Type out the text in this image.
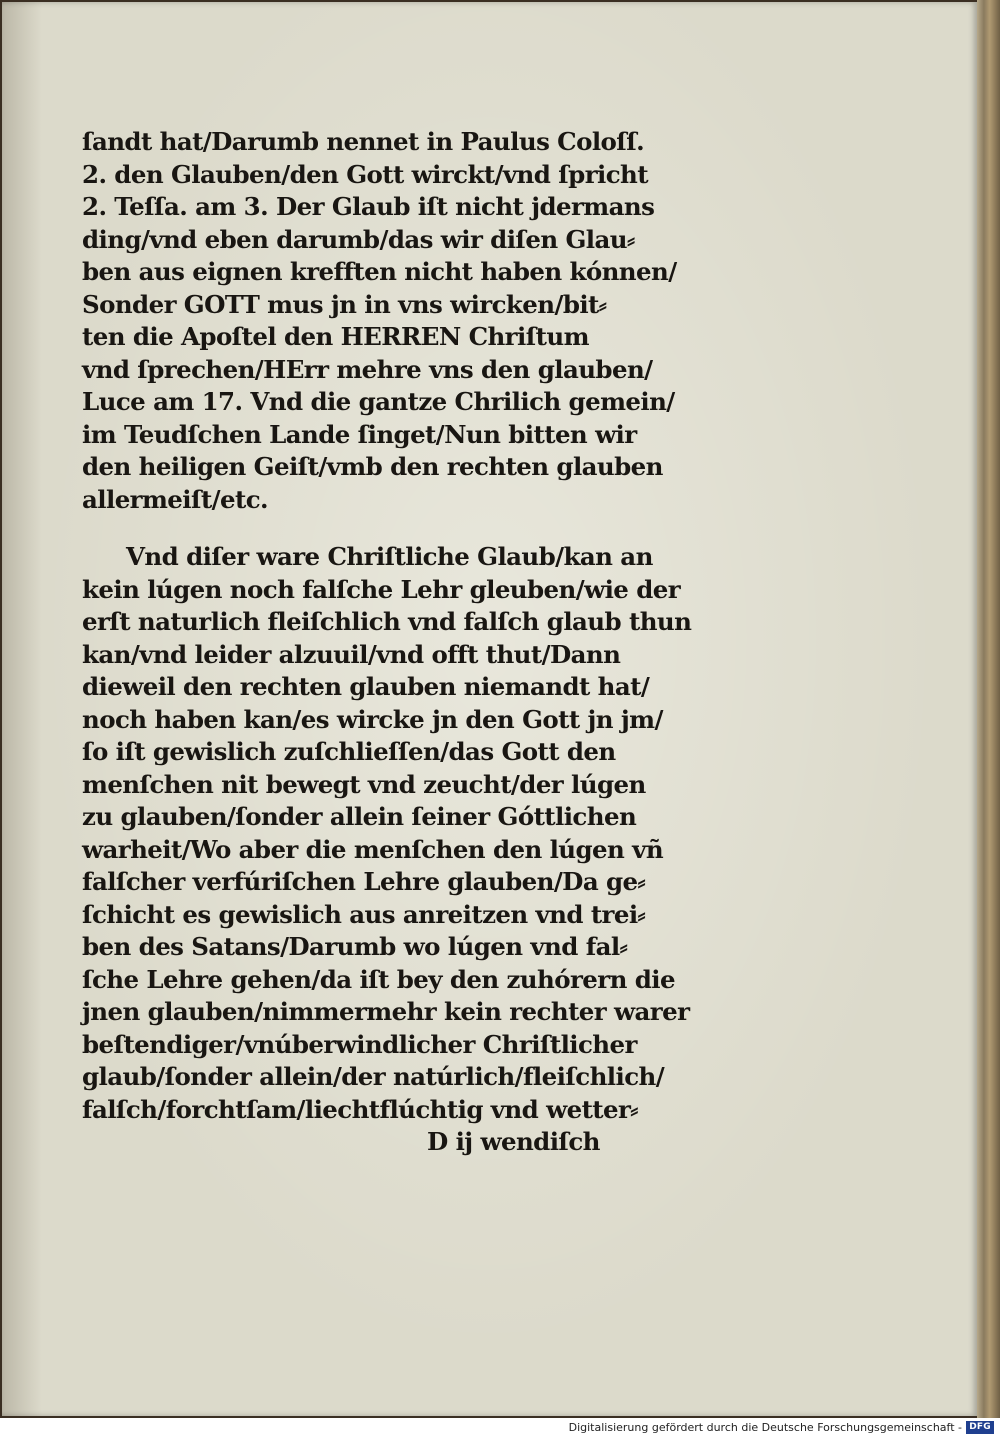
ſandt hat/Darumb nennet in Paulus Coloſſ.
2. den Glauben/den Gott wirckt/vnd ſpricht
2. Teſſa. am 3. Der Glaub iſt nicht jdermans
ding/vnd eben darumb/das wir diſen Glau⸗
ben aus eignen krefften nicht haben kónnen/
Sonder GOTT mus jn in vns wircken/bit⸗
ten die Apoſtel den HERREN Chriſtum
vnd ſprechen/HErr mehre vns den glauben/
Luce am 17. Vnd die gantze Chrilich gemein/
im Teudſchen Lande ſinget/Nun bitten wir
den heiligen Geiſt/vmb den rechten glauben
allermeiſt/etc.
Vnd diſer ware Chriſtliche Glaub/kan an
kein lúgen noch falſche Lehr gleuben/wie der
erſt naturlich fleiſchlich vnd falſch glaub thun
kan/vnd leider alzuuil/vnd offt thut/Dann
dieweil den rechten glauben niemandt hat/
noch haben kan/es wircke jn den Gott jn jm/
ſo iſt gewislich zuſchlieſſen/das Gott den
menſchen nit bewegt vnd zeucht/der lúgen
zu glauben/ſonder allein ſeiner Góttlichen
warheit/Wo aber die menſchen den lúgen vñ
falſcher verfúriſchen Lehre glauben/Da ge⸗
ſchicht es gewislich aus anreitzen vnd trei⸗
ben des Satans/Darumb wo lúgen vnd fal⸗
ſche Lehre gehen/da iſt bey den zuhórern die
jnen glauben/nimmermehr kein rechter warer
beſtendiger/vnúberwindlicher Chriſtlicher
glaub/ſonder allein/der natúrlich/fleiſchlich/
falſch/forchtſam/liechtflúchtig vnd wetter⸗
D ij wendiſch
Digitalisierung gefördert durch die Deutsche Forschungsgemeinschaft - DFG
